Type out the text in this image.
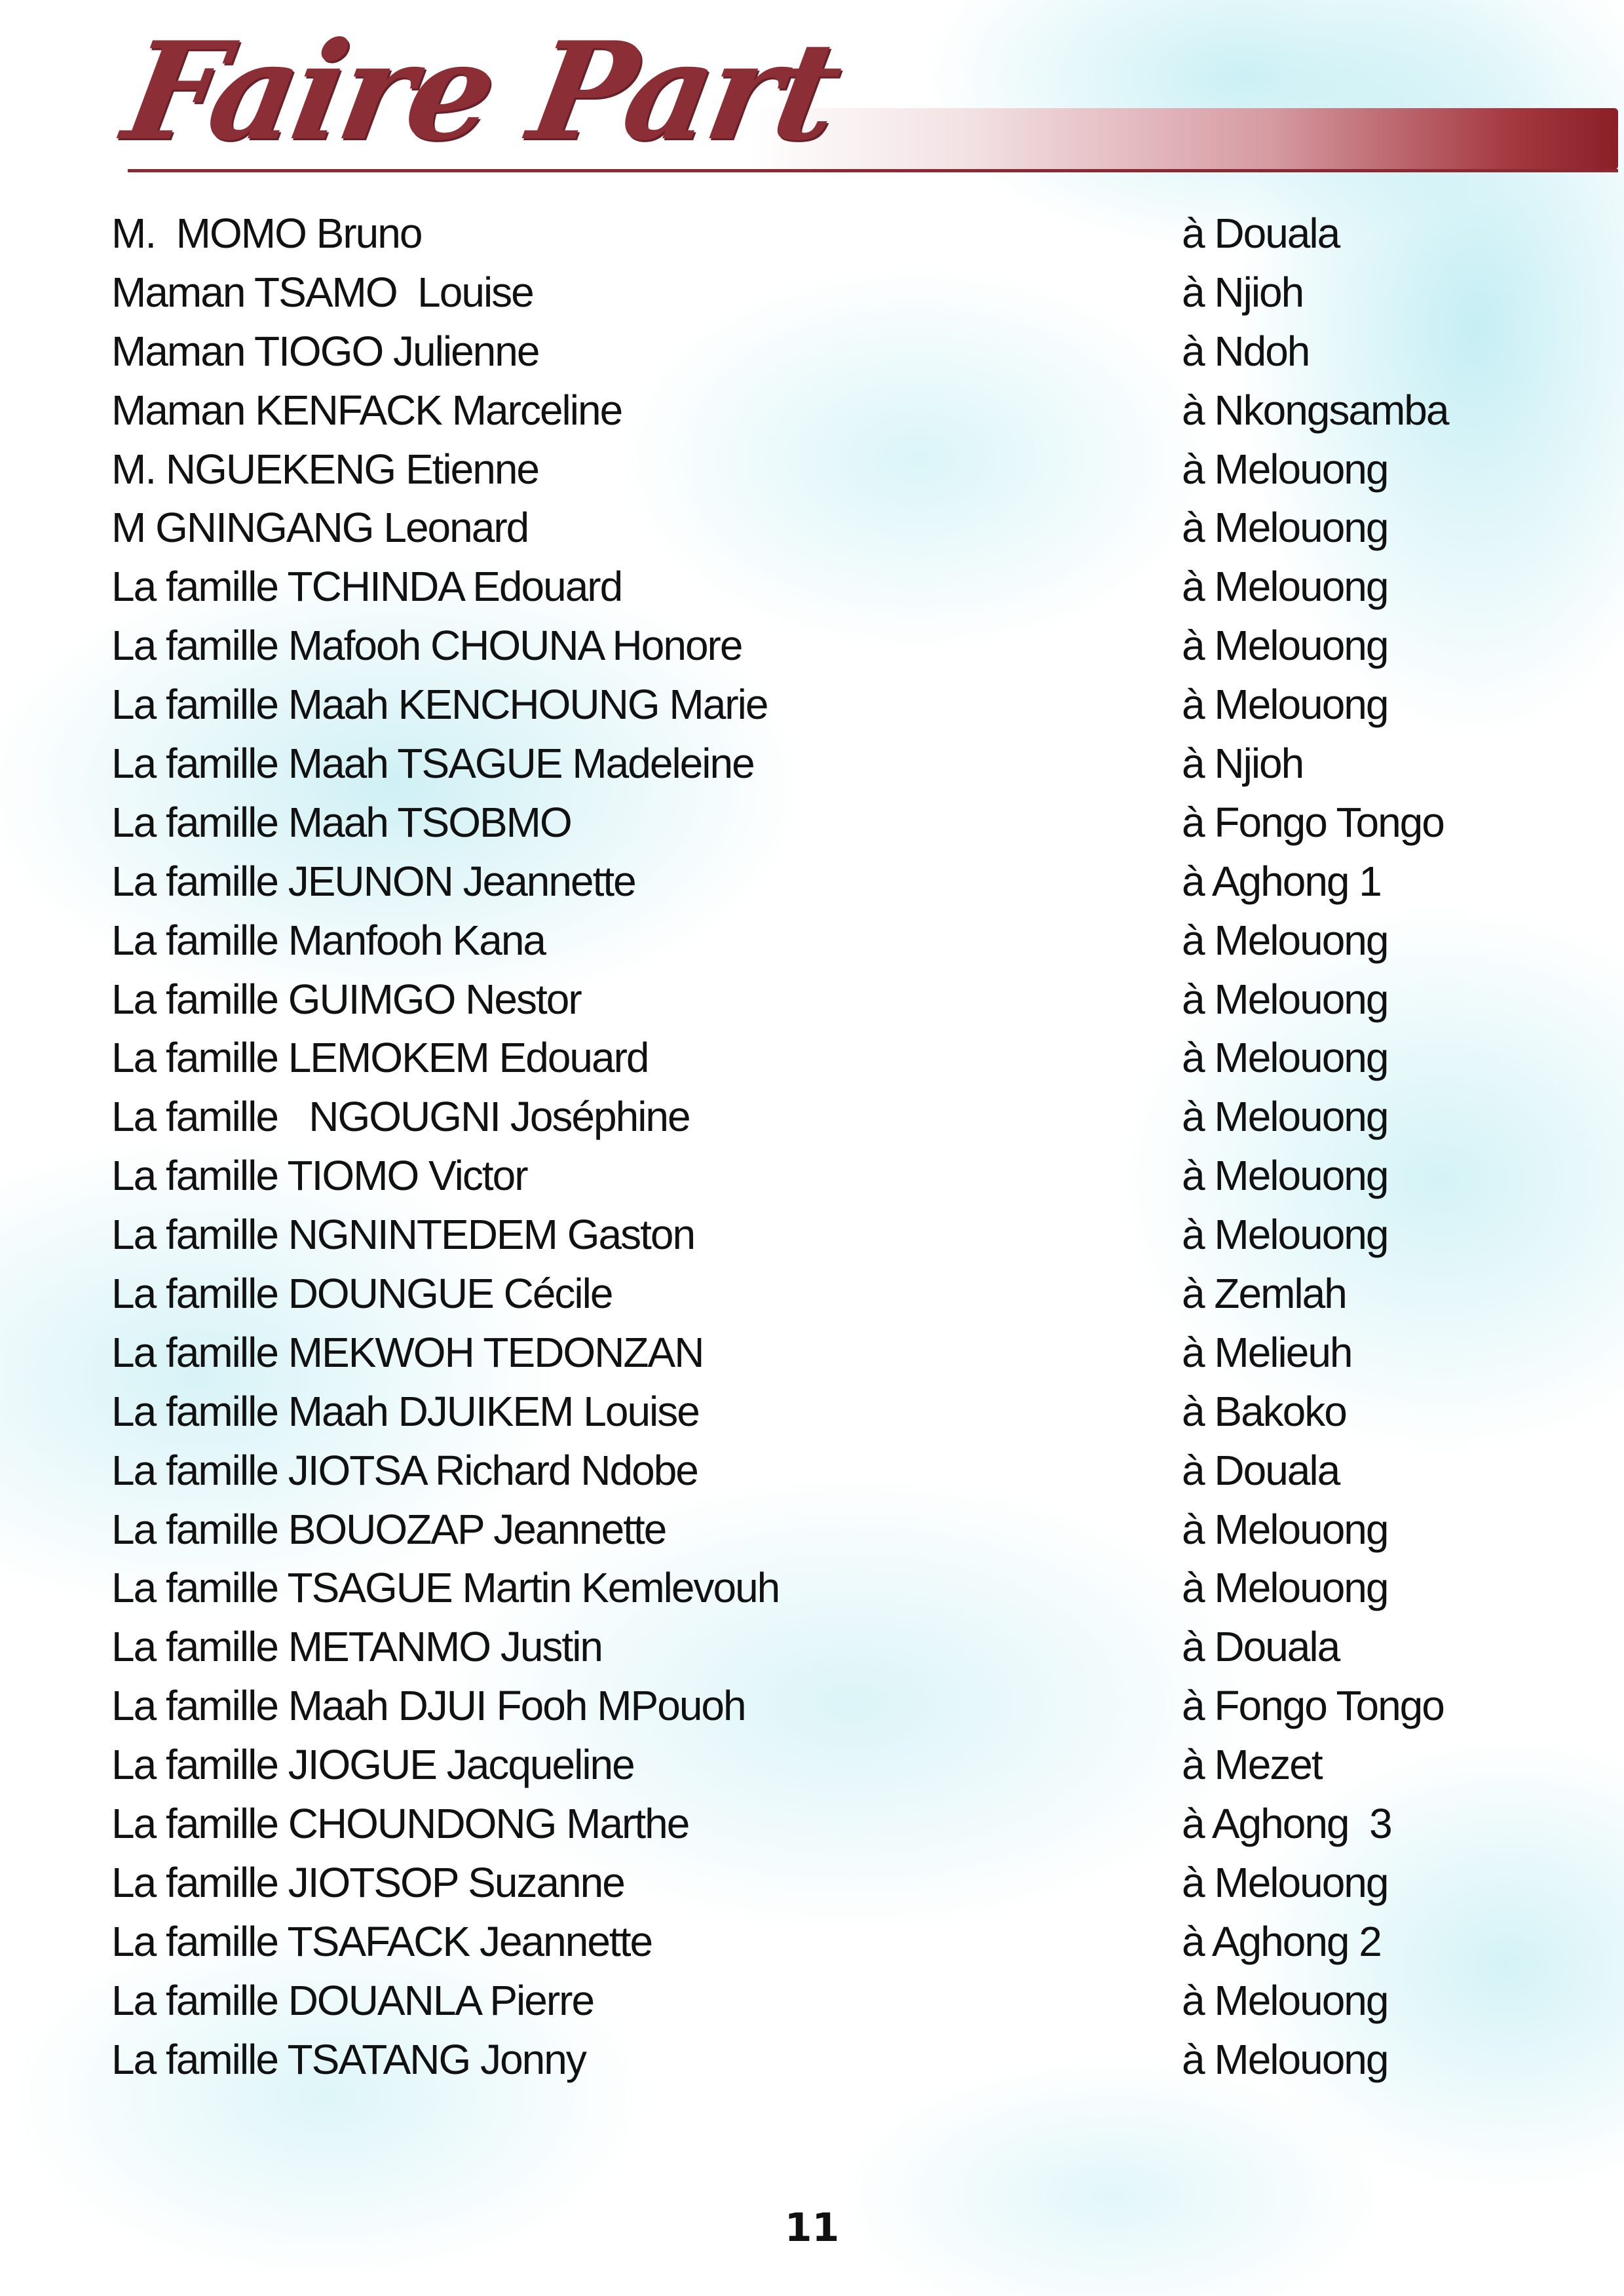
Faire Part
M.  MOMO Bruno	à Douala
Maman TSAMO  Louise	à Njioh
Maman TIOGO Julienne	à Ndoh
Maman KENFACK Marceline	à Nkongsamba
M. NGUEKENG Etienne	à Melouong
M GNINGANG Leonard	à Melouong
La famille TCHINDA Edouard	à Melouong
La famille Mafooh CHOUNA Honore	à Melouong
La famille Maah KENCHOUNG Marie	à Melouong
La famille Maah TSAGUE Madeleine	à Njioh
La famille Maah TSOBMO	à Fongo Tongo
La famille JEUNON Jeannette	à Aghong 1
La famille Manfooh Kana	à Melouong
La famille GUIMGO Nestor	à Melouong
La famille LEMOKEM Edouard	à Melouong
La famille   NGOUGNI Joséphine	à Melouong
La famille TIOMO Victor	à Melouong
La famille NGNINTEDEM Gaston	à Melouong
La famille DOUNGUE Cécile	à Zemlah
La famille MEKWOH TEDONZAN	à Melieuh
La famille Maah DJUIKEM Louise	à Bakoko
La famille JIOTSA Richard Ndobe	à Douala
La famille BOUOZAP Jeannette	à Melouong
La famille TSAGUE Martin Kemlevouh	à Melouong
La famille METANMO Justin	à Douala
La famille Maah DJUI Fooh MPouoh	à Fongo Tongo
La famille JIOGUE Jacqueline	à Mezet
La famille CHOUNDONG Marthe	à Aghong  3
La famille JIOTSOP Suzanne	à Melouong
La famille TSAFACK Jeannette	à Aghong 2
La famille DOUANLA Pierre	à Melouong
La famille TSATANG Jonny	à Melouong
11
